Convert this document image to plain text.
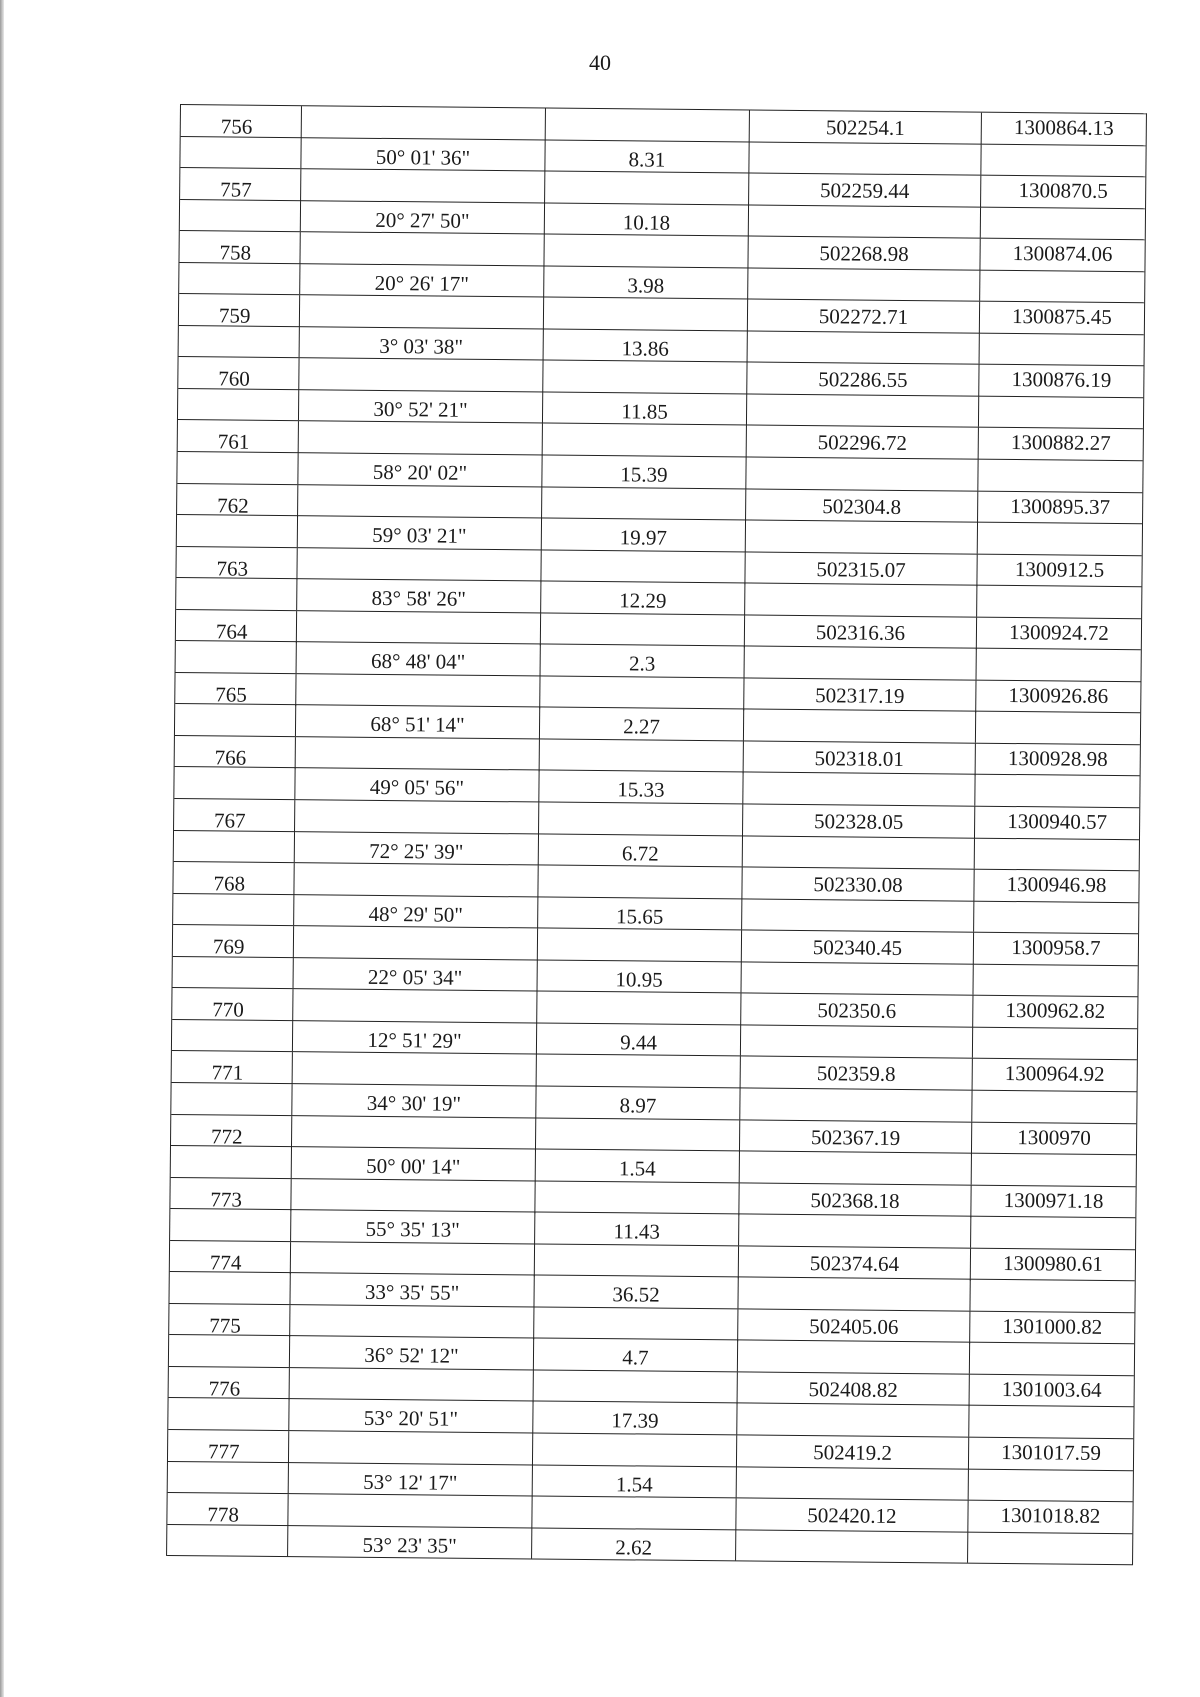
40
756	502254.1	1300864.13
50° 01' 36"	8.31
757	502259.44	1300870.5
20° 27' 50"	10.18
758	502268.98	1300874.06
20° 26' 17"	3.98
759	502272.71	1300875.45
3° 03' 38"	13.86
760	502286.55	1300876.19
30° 52' 21"	11.85
761	502296.72	1300882.27
58° 20' 02"	15.39
762	502304.8	1300895.37
59° 03' 21"	19.97
763	502315.07	1300912.5
83° 58' 26"	12.29
764	502316.36	1300924.72
68° 48' 04"	2.3
765	502317.19	1300926.86
68° 51' 14"	2.27
766	502318.01	1300928.98
49° 05' 56"	15.33
767	502328.05	1300940.57
72° 25' 39"	6.72
768	502330.08	1300946.98
48° 29' 50"	15.65
769	502340.45	1300958.7
22° 05' 34"	10.95
770	502350.6	1300962.82
12° 51' 29"	9.44
771	502359.8	1300964.92
34° 30' 19"	8.97
772	502367.19	1300970
50° 00' 14"	1.54
773	502368.18	1300971.18
55° 35' 13"	11.43
774	502374.64	1300980.61
33° 35' 55"	36.52
775	502405.06	1301000.82
36° 52' 12"	4.7
776	502408.82	1301003.64
53° 20' 51"	17.39
777	502419.2	1301017.59
53° 12' 17"	1.54
778	502420.12	1301018.82
53° 23' 35"	2.62
